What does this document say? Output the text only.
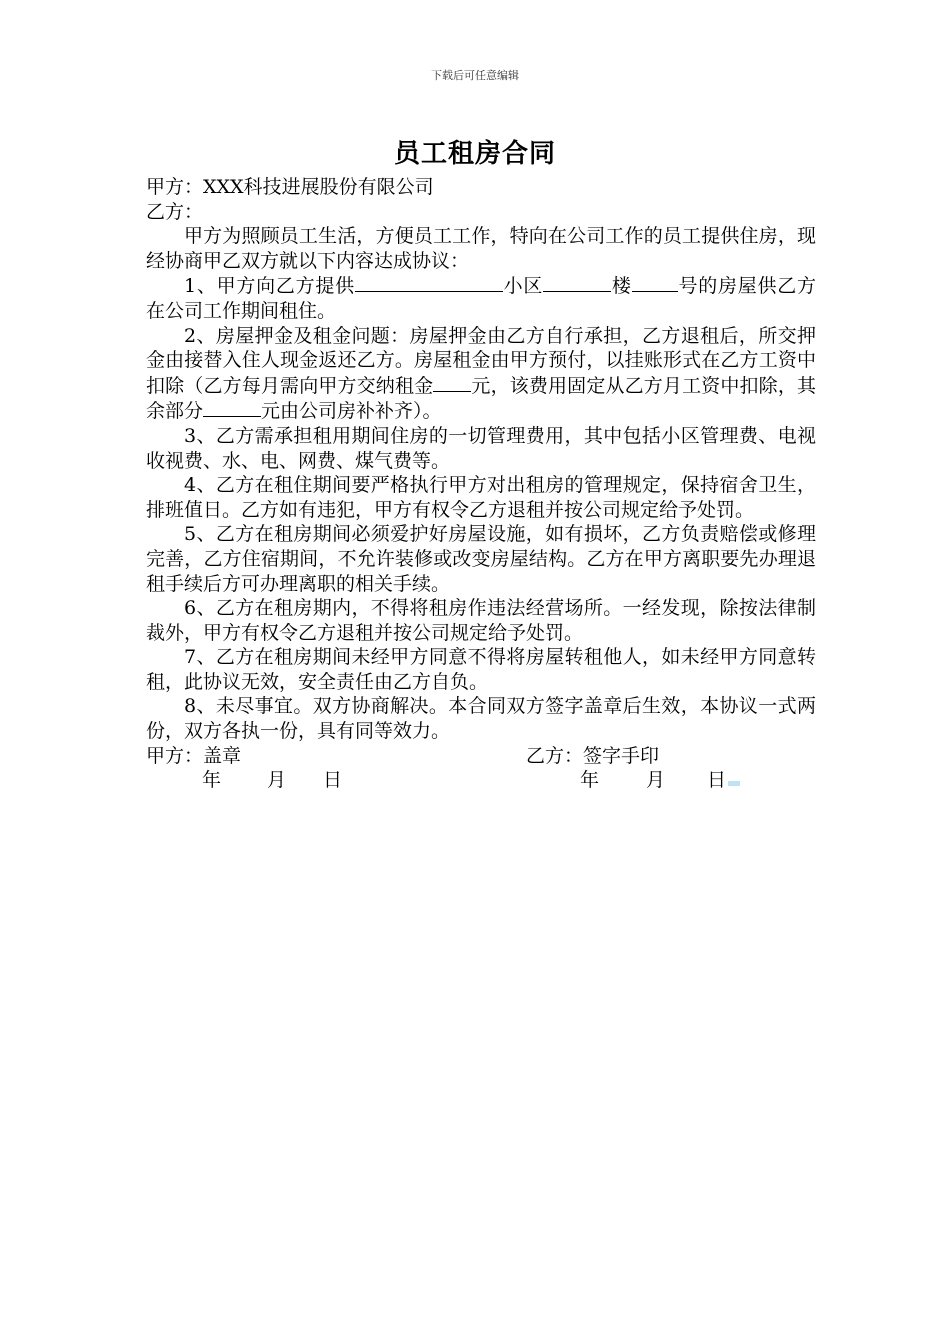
下载后可任意编辑
员工租房合同

甲方：XXX科技进展股份有限公司

乙方：

甲方为照顾员工生活，方便员工工作，特向在公司工作的员工提供住房，现经协商甲乙双方就以下内容达成协议：

1、甲方向乙方提供	小区	楼 号的房屋供乙方在公司工作期间租住。

2、房屋押金及租金问题：房屋押金由乙方自行承担，乙方退租后，所交押金由接替入住人现金返还乙方。房屋租金由甲方预付，以挂账形式在乙方工资中扣除（乙方每月需向甲方交纳租金 元，该费用固定从乙方月工资中扣除，其余部分	元由公司房补补齐）。

3、乙方需承担租用期间住房的一切管理费用，其中包括小区管理费、电视收视费、水、电、网费、煤气费等。

4、乙方在租住期间要严格执行甲方对出租房的管理规定，保持宿舍卫生，排班值日。乙方如有违犯，甲方有权令乙方退租并按公司规定给予处罚。

5、乙方在租房期间必须爱护好房屋设施，如有损坏，乙方负责赔偿或修理完善，乙方住宿期间，不允许装修或改变房屋结构。乙方在甲方离职要先办理退租手续后方可办理离职的相关手续。

6、乙方在租房期内，不得将租房作违法经营场所。一经发现，除按法律制裁外，甲方有权令乙方退租并按公司规定给予处罚。

7、乙方在租房期间未经甲方同意不得将房屋转租他人，如未经甲方同意转租，此协议无效，安全责任由乙方自负。

8、未尽事宜。双方协商解决。本合同双方签字盖章后生效，本协议一式两份，双方各执一份，具有同等效力。

甲方：盖章	乙方：签字手印
年 月 日	年 月 日
